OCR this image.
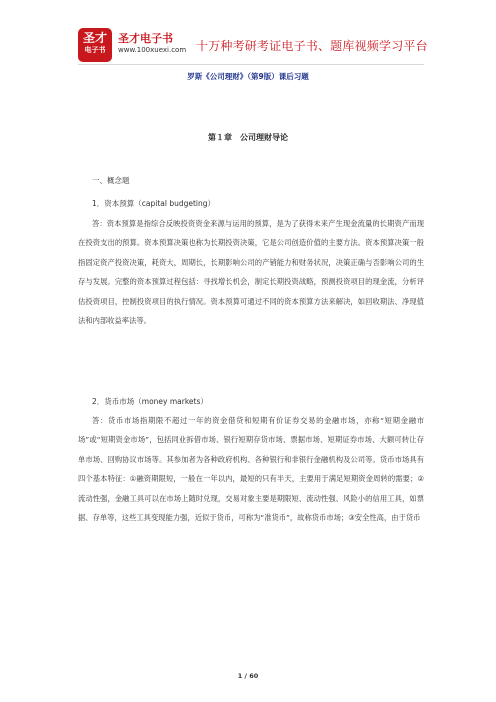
圣才
电子书
圣才电子书
www.100xuexi.com 十万种考研考证电子书、题库视频学习平台
罗斯《公司理财》（第9版）课后习题
第１章　公司理财导论
一、概念题
1．资本预算（capital budgeting）
答：资本预算是指综合反映投资资金来源与运用的预算，是为了获得未来产生现金流量的长期资产而现在投资支出的预算。资本预算决策也称为长期投资决策，它是公司创造价值的主要方法。资本预算决策一般指固定资产投资决策，耗资大，周期长，长期影响公司的产销能力和财务状况，决策正确与否影响公司的生存与发展。完整的资本预算过程包括：寻找增长机会，制定长期投资战略，预测投资项目的现金流，分析评估投资项目，控制投资项目的执行情况。资本预算可通过不同的资本预算方法来解决，如回收期法、净现值法和内部收益率法等。
2．货币市场（money markets）
答：货币市场指期限不超过一年的资金借贷和短期有价证券交易的金融市场，亦称“短期金融市场”或“短期资金市场”，包括同业拆借市场、银行短期存货市场、票据市场、短期证券市场、大额可转让存单市场、回购协议市场等。其参加者为各种政府机构、各种银行和非银行金融机构及公司等。货币市场具有四个基本特征：①融资期限短，一般在一年以内，最短的只有半天，主要用于满足短期资金周转的需要；②流动性强，金融工具可以在市场上随时兑现，交易对象主要是期限短、流动性强、风险小的信用工具，如票据、存单等，这些工具变现能力强，近似于货币，可称为“准货币”，故称货币市场；③安全性高，由于货币
1 / 60
